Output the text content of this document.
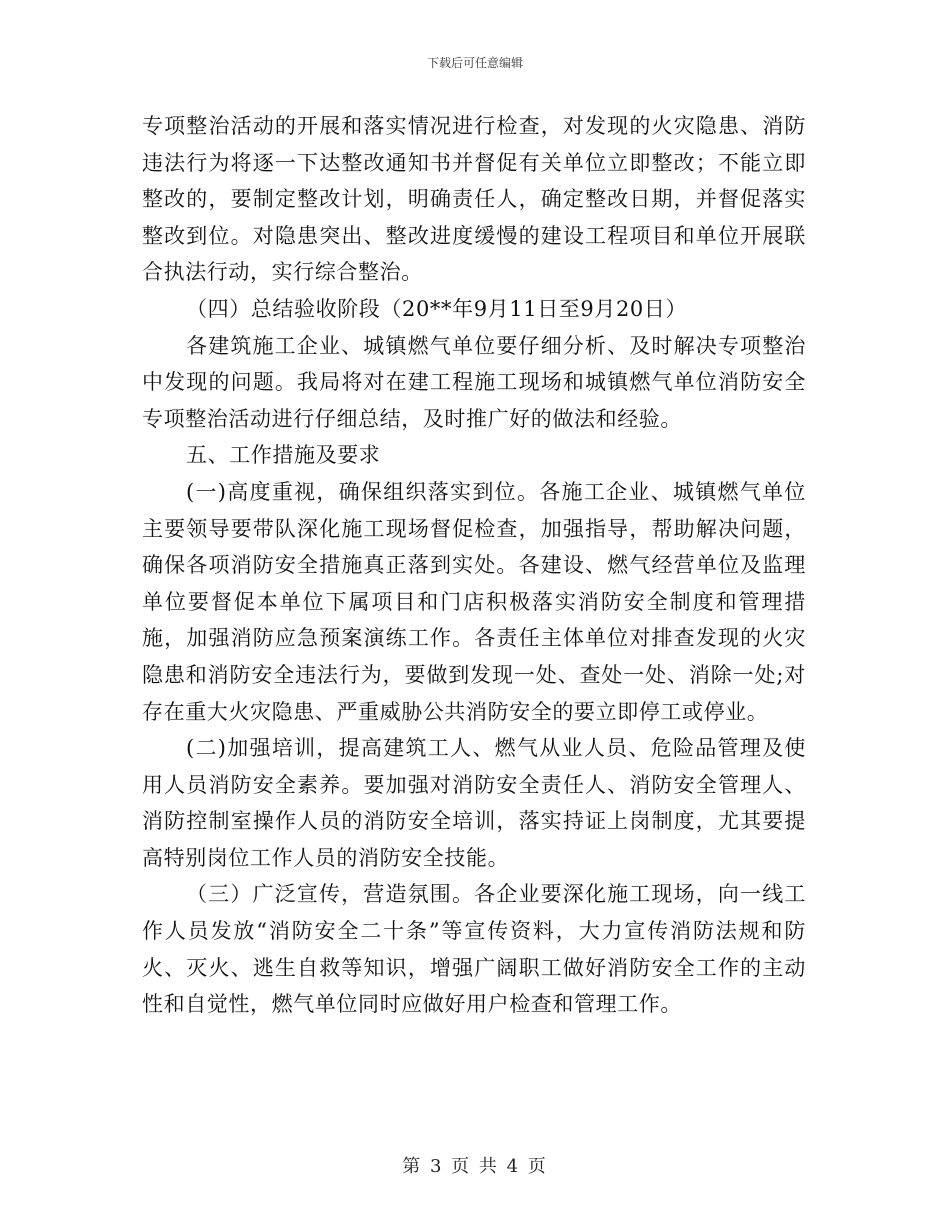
下载后可任意编辑

专项整治活动的开展和落实情况进行检查，对发现的火灾隐患、消防违法行为将逐一下达整改通知书并督促有关单位立即整改；不能立即整改的，要制定整改计划，明确责任人，确定整改日期，并督促落实整改到位。对隐患突出、整改进度缓慢的建设工程项目和单位开展联合执法行动，实行综合整治。

（四）总结验收阶段（20**年9月11日至9月20日）

各建筑施工企业、城镇燃气单位要仔细分析、及时解决专项整治中发现的问题。我局将对在建工程施工现场和城镇燃气单位消防安全专项整治活动进行仔细总结，及时推广好的做法和经验。

五、工作措施及要求

(一)高度重视，确保组织落实到位。各施工企业、城镇燃气单位主要领导要带队深化施工现场督促检查，加强指导，帮助解决问题，确保各项消防安全措施真正落到实处。各建设、燃气经营单位及监理单位要督促本单位下属项目和门店积极落实消防安全制度和管理措施，加强消防应急预案演练工作。各责任主体单位对排查发现的火灾隐患和消防安全违法行为，要做到发现一处、查处一处、消除一处;对存在重大火灾隐患、严重威胁公共消防安全的要立即停工或停业。

(二)加强培训，提高建筑工人、燃气从业人员、危险品管理及使用人员消防安全素养。要加强对消防安全责任人、消防安全管理人、消防控制室操作人员的消防安全培训，落实持证上岗制度，尤其要提高特别岗位工作人员的消防安全技能。

（三）广泛宣传，营造氛围。各企业要深化施工现场，向一线工作人员发放“消防安全二十条”等宣传资料，大力宣传消防法规和防火、灭火、逃生自救等知识，增强广阔职工做好消防安全工作的主动性和自觉性，燃气单位同时应做好用户检查和管理工作。

第 3 页 共 4 页
